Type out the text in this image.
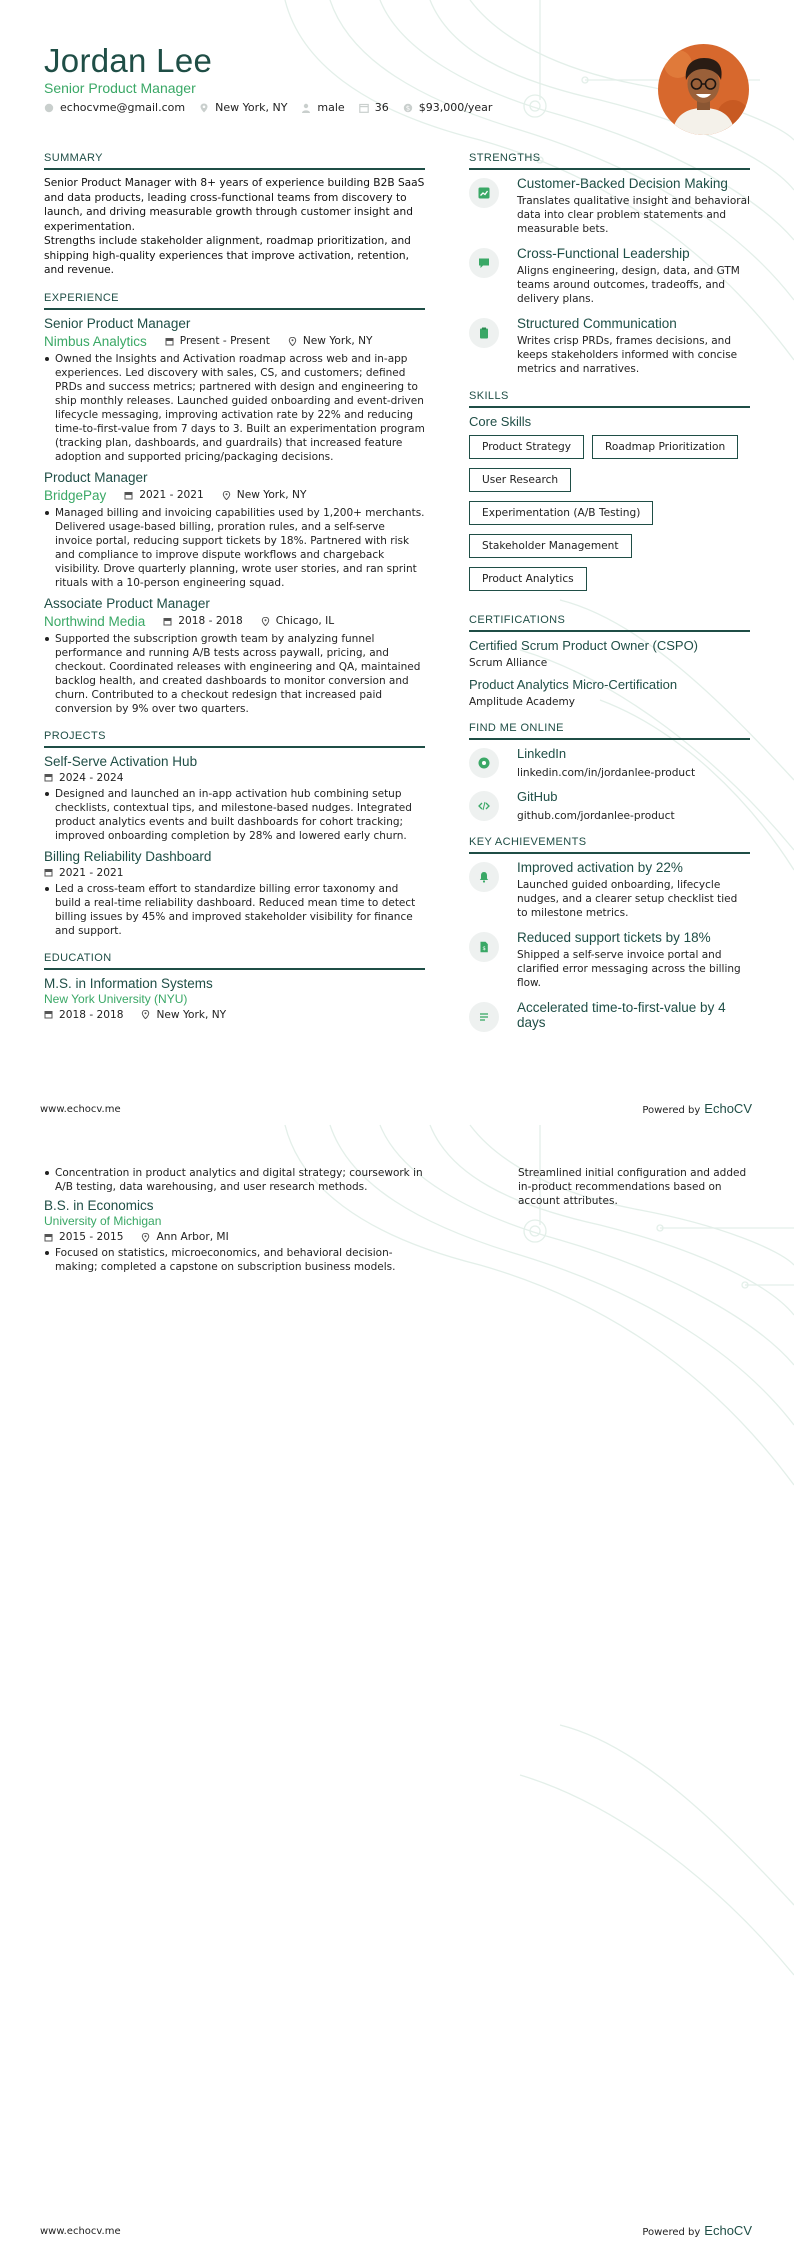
Jordan Lee
Senior Product Manager
echocvme@gmail.com	New York, NY	male	36 $ $93,000/year
SUMMARY

Senior Product Manager with 8+ years of experience building B2B SaaS and data products, leading cross-functional teams from discovery to launch, and driving measurable growth through customer insight and experimentation.

Strengths include stakeholder alignment, roadmap prioritization, and shipping high-quality experiences that improve activation, retention, and revenue.

EXPERIENCE
Senior Product Manager
Nimbus Analytics	Present - Present	New York, NY
Owned the Insights and Activation roadmap across web and in-app experiences. Led discovery with sales, CS, and customers; defined PRDs and success metrics; partnered with design and engineering to ship monthly releases. Launched guided onboarding and event-driven lifecycle messaging, improving activation rate by 22% and reducing time-to-first-value from 7 days to 3. Built an experimentation program (tracking plan, dashboards, and guardrails) that increased feature adoption and supported pricing/packaging decisions.
Product Manager
BridgePay	2021 - 2021	New York, NY
Managed billing and invoicing capabilities used by 1,200+ merchants. Delivered usage-based billing, proration rules, and a self-serve invoice portal, reducing support tickets by 18%. Partnered with risk and compliance to improve dispute workflows and chargeback visibility. Drove quarterly planning, wrote user stories, and ran sprint rituals with a 10-person engineering squad.
Associate Product Manager
Northwind Media	2018 - 2018	Chicago, IL
Supported the subscription growth team by analyzing funnel performance and running A/B tests across paywall, pricing, and checkout. Coordinated releases with engineering and QA, maintained backlog health, and created dashboards to monitor conversion and churn. Contributed to a checkout redesign that increased paid conversion by 9% over two quarters.
PROJECTS
Self-Serve Activation Hub
2024 - 2024
Designed and launched an in-app activation hub combining setup checklists, contextual tips, and milestone-based nudges. Integrated product analytics events and built dashboards for cohort tracking; improved onboarding completion by 28% and lowered early churn.
Billing Reliability Dashboard
2021 - 2021
Led a cross-team effort to standardize billing error taxonomy and build a real-time reliability dashboard. Reduced mean time to detect billing issues by 45% and improved stakeholder visibility for finance and support.
EDUCATION
M.S. in Information Systems
New York University (NYU)
2018 - 2018	New York, NY
STRENGTHS
Customer-Backed Decision Making
Translates qualitative insight and behavioral data into clear problem statements and measurable bets.
Cross-Functional Leadership
Aligns engineering, design, data, and GTM teams around outcomes, tradeoffs, and delivery plans.
Structured Communication
Writes crisp PRDs, frames decisions, and keeps stakeholders informed with concise metrics and narratives.
SKILLS
Core Skills
Product Strategy	Roadmap Prioritization
User Research
Experimentation (A/B Testing)
Stakeholder Management
Product Analytics
CERTIFICATIONS
Certified Scrum Product Owner (CSPO)
Scrum Alliance
Product Analytics Micro-Certification
Amplitude Academy
FIND ME ONLINE
LinkedIn
linkedin.com/in/jordanlee-product
GitHub
github.com/jordanlee-product
KEY ACHIEVEMENTS
Improved activation by 22%
Launched guided onboarding, lifecycle nudges, and a clearer setup checklist tied to milestone metrics.
$
Reduced support tickets by 18%
Shipped a self-serve invoice portal and clarified error messaging across the billing flow.
Accelerated time-to-first-value by 4 days
www.echocv.me	Powered by EchoCV
Concentration in product analytics and digital strategy; coursework in A/B testing, data warehousing, and user research methods.
B.S. in Economics
University of Michigan
2015 - 2015	Ann Arbor, MI
Focused on statistics, microeconomics, and behavioral decision-making; completed a capstone on subscription business models.
Streamlined initial configuration and added in-product recommendations based on account attributes.
www.echocv.me	Powered by EchoCV
